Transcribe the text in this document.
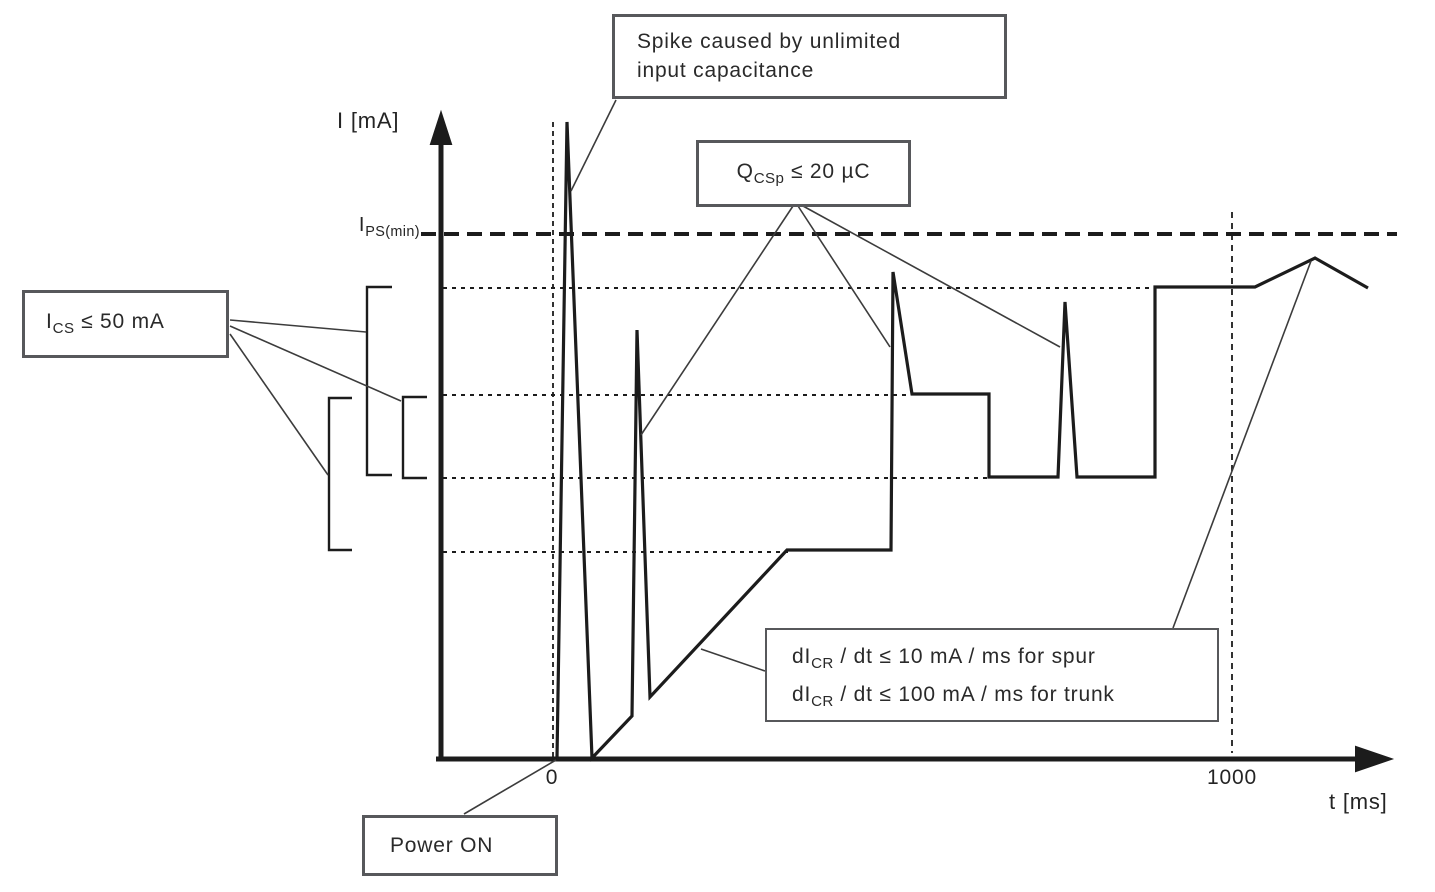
I [mA]
$I_{PS(min)}$
0	1000
t [ms]
Spike caused by unlimited
input capacitance
$Q_{CSp} \le 20$ µC
$I_{CS} \le 50$ mA
$dI_{CR}$ / dt ≤ 10 mA / ms for spur
$dI_{CR}$ / dt ≤ 100 mA / ms for trunk
Power ON
